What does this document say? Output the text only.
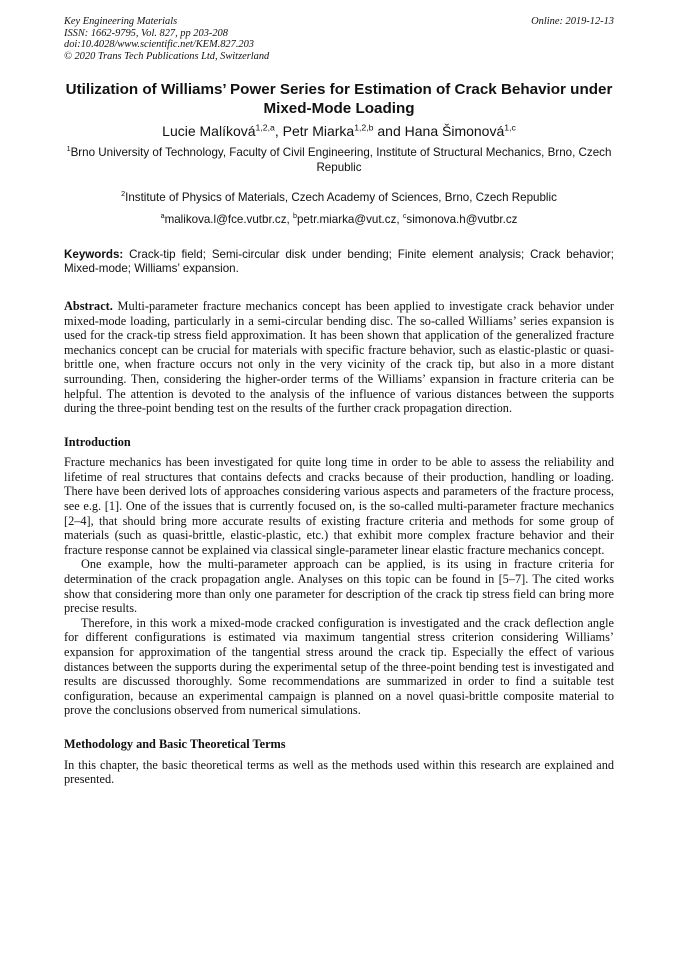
Key Engineering Materials
ISSN: 1662-9795, Vol. 827, pp 203-208
doi:10.4028/www.scientific.net/KEM.827.203
© 2020 Trans Tech Publications Ltd, Switzerland
Online: 2019-12-13
Utilization of Williams’ Power Series for Estimation of Crack Behavior under Mixed-Mode Loading
Lucie Malíková$^{1,2,a}$, Petr Miarka$^{1,2,b}$ and Hana Šimonová$^{1,c}$
$^1$Brno University of Technology, Faculty of Civil Engineering, Institute of Structural Mechanics, Brno, Czech Republic
$^2$Institute of Physics of Materials, Czech Academy of Sciences, Brno, Czech Republic
$^a$malikova.l@fce.vutbr.cz, $^b$petr.miarka@vut.cz, $^c$simonova.h@vutbr.cz
Keywords: Crack-tip field; Semi-circular disk under bending; Finite element analysis; Crack behavior; Mixed-mode; Williams’ expansion.

Abstract. Multi-parameter fracture mechanics concept has been applied to investigate crack behavior under mixed-mode loading, particularly in a semi-circular bending disc. The so-called Williams’ series expansion is used for the crack-tip stress field approximation. It has been shown that application of the generalized fracture mechanics concept can be crucial for materials with specific fracture behavior, such as elastic-plastic or quasi-brittle one, when fracture occurs not only in the very vicinity of the crack tip, but also in a more distant surrounding. Then, considering the higher-order terms of the Williams’ expansion in fracture criteria can be helpful. The attention is devoted to the analysis of the influence of various distances between the supports during the three-point bending test on the results of the further crack propagation direction.

Introduction

Fracture mechanics has been investigated for quite long time in order to be able to assess the reliability and lifetime of real structures that contains defects and cracks because of their production, handling or loading. There have been derived lots of approaches considering various aspects and parameters of the fracture process, see e.g. [1]. One of the issues that is currently focused on, is the so-called multi-parameter fracture mechanics [2–4], that should bring more accurate results of existing fracture criteria and methods for some group of materials (such as quasi-brittle, elastic-plastic, etc.) that exhibit more complex fracture behavior and their fracture response cannot be explained via classical single-parameter linear elastic fracture mechanics concept.

One example, how the multi-parameter approach can be applied, is its using in fracture criteria for determination of the crack propagation angle. Analyses on this topic can be found in [5–7]. The cited works show that considering more than only one parameter for description of the crack tip stress field can bring more precise results.

Therefore, in this work a mixed-mode cracked configuration is investigated and the crack deflection angle for different configurations is estimated via maximum tangential stress criterion considering Williams’ expansion for approximation of the tangential stress around the crack tip. Especially the effect of various distances between the supports during the experimental setup of the three-point bending test is investigated and results are discussed thoroughly. Some recommendations are summarized in order to find a suitable test configuration, because an experimental campaign is planned on a novel quasi-brittle composite material to prove the conclusions observed from numerical simulations.

Methodology and Basic Theoretical Terms

In this chapter, the basic theoretical terms as well as the methods used within this research are explained and presented.
